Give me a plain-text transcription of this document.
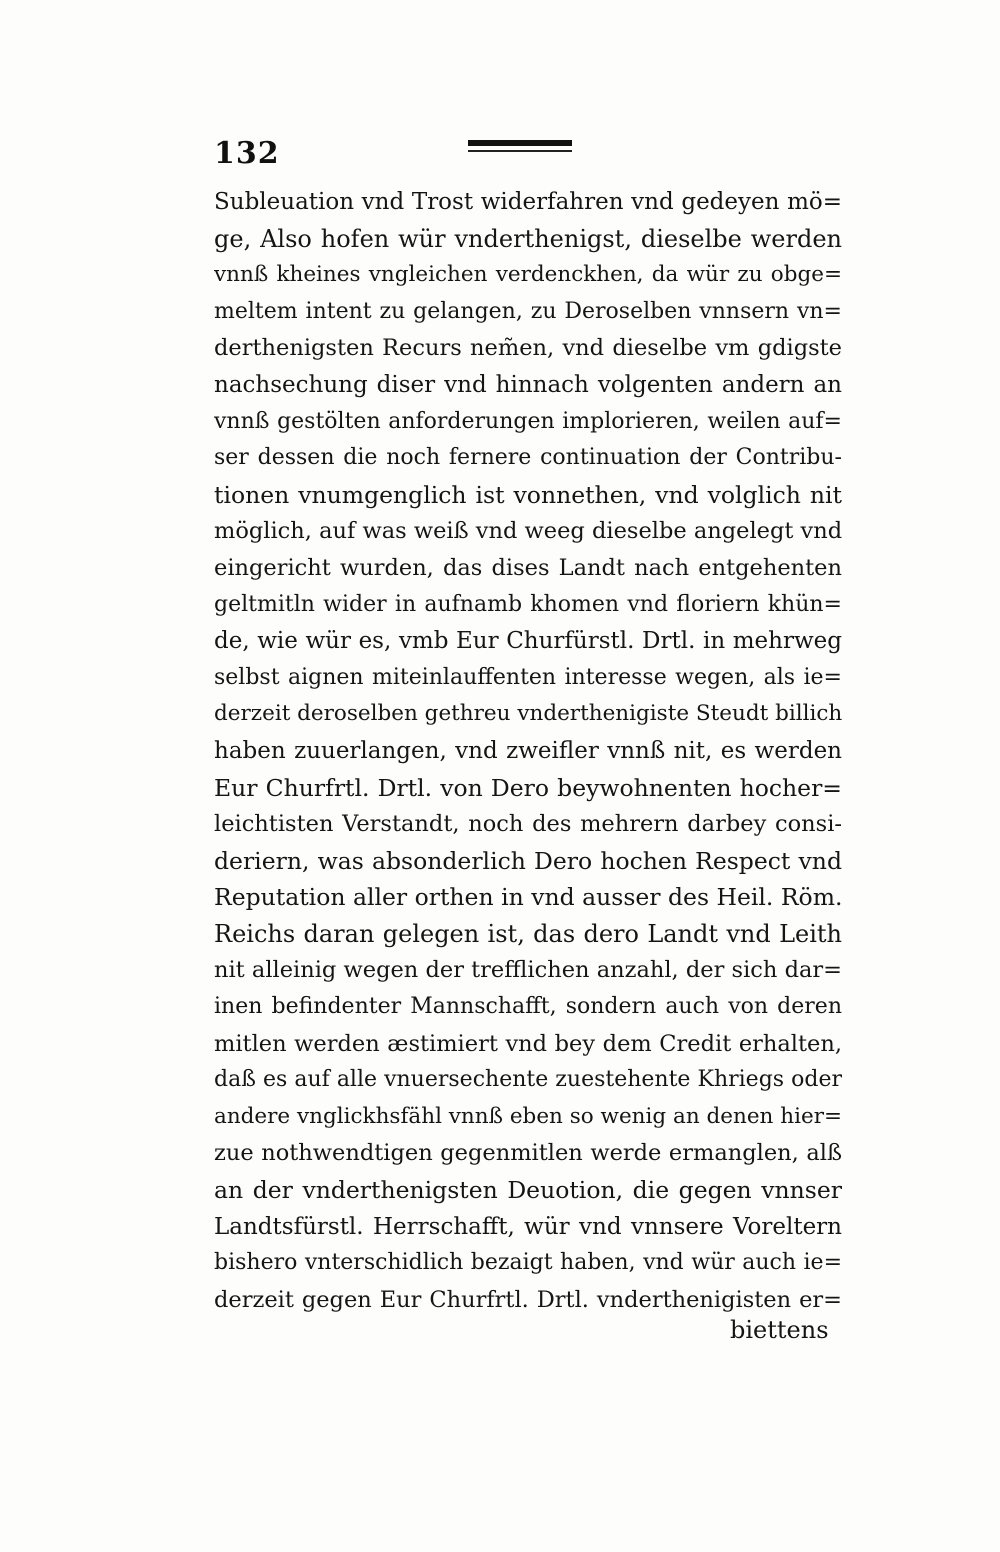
132
Subleuation vnd Trost widerfahren vnd gedeyen mö=
ge, Also hofen wür vnderthenigst, dieselbe werden
vnnß kheines vngleichen verdenckhen, da wür zu obge=
meltem intent zu gelangen, zu Deroselben vnnsern vn=
derthenigsten Recurs nem̃en, vnd dieselbe vm gdigste
nachsechung diser vnd hinnach volgenten andern an
vnnß gestölten anforderungen implorieren, weilen auf=
ser dessen die noch fernere continuation der Contribu-
tionen vnumgenglich ist vonnethen, vnd volglich nit
möglich, auf was weiß vnd weeg dieselbe angelegt vnd
eingericht wurden, das dises Landt nach entgehenten
geltmitln wider in aufnamb khomen vnd floriern khün=
de, wie wür es, vmb Eur Churfürstl. Drtl. in mehrweg
selbst aignen miteinlauffenten interesse wegen, als ie=
derzeit deroselben gethreu vnderthenigiste Steudt billich
haben zuuerlangen, vnd zweifler vnnß nit, es werden
Eur Churfrtl. Drtl. von Dero beywohnenten hocher=
leichtisten Verstandt, noch des mehrern darbey consi-
deriern, was absonderlich Dero hochen Respect vnd
Reputation aller orthen in vnd ausser des Heil. Röm.
Reichs daran gelegen ist, das dero Landt vnd Leith
nit alleinig wegen der trefflichen anzahl, der sich dar=
inen befindenter Mannschafft, sondern auch von deren
mitlen werden æstimiert vnd bey dem Credit erhalten,
daß es auf alle vnuersechente zuestehente Khriegs oder
andere vnglickhsfähl vnnß eben so wenig an denen hier=
zue nothwendtigen gegenmitlen werde ermanglen, alß
an der vnderthenigsten Deuotion, die gegen vnnser
Landtsfürstl. Herrschafft, wür vnd vnnsere Voreltern
bishero vnterschidlich bezaigt haben, vnd wür auch ie=
derzeit gegen Eur Churfrtl. Drtl. vnderthenigisten er=
biettens
